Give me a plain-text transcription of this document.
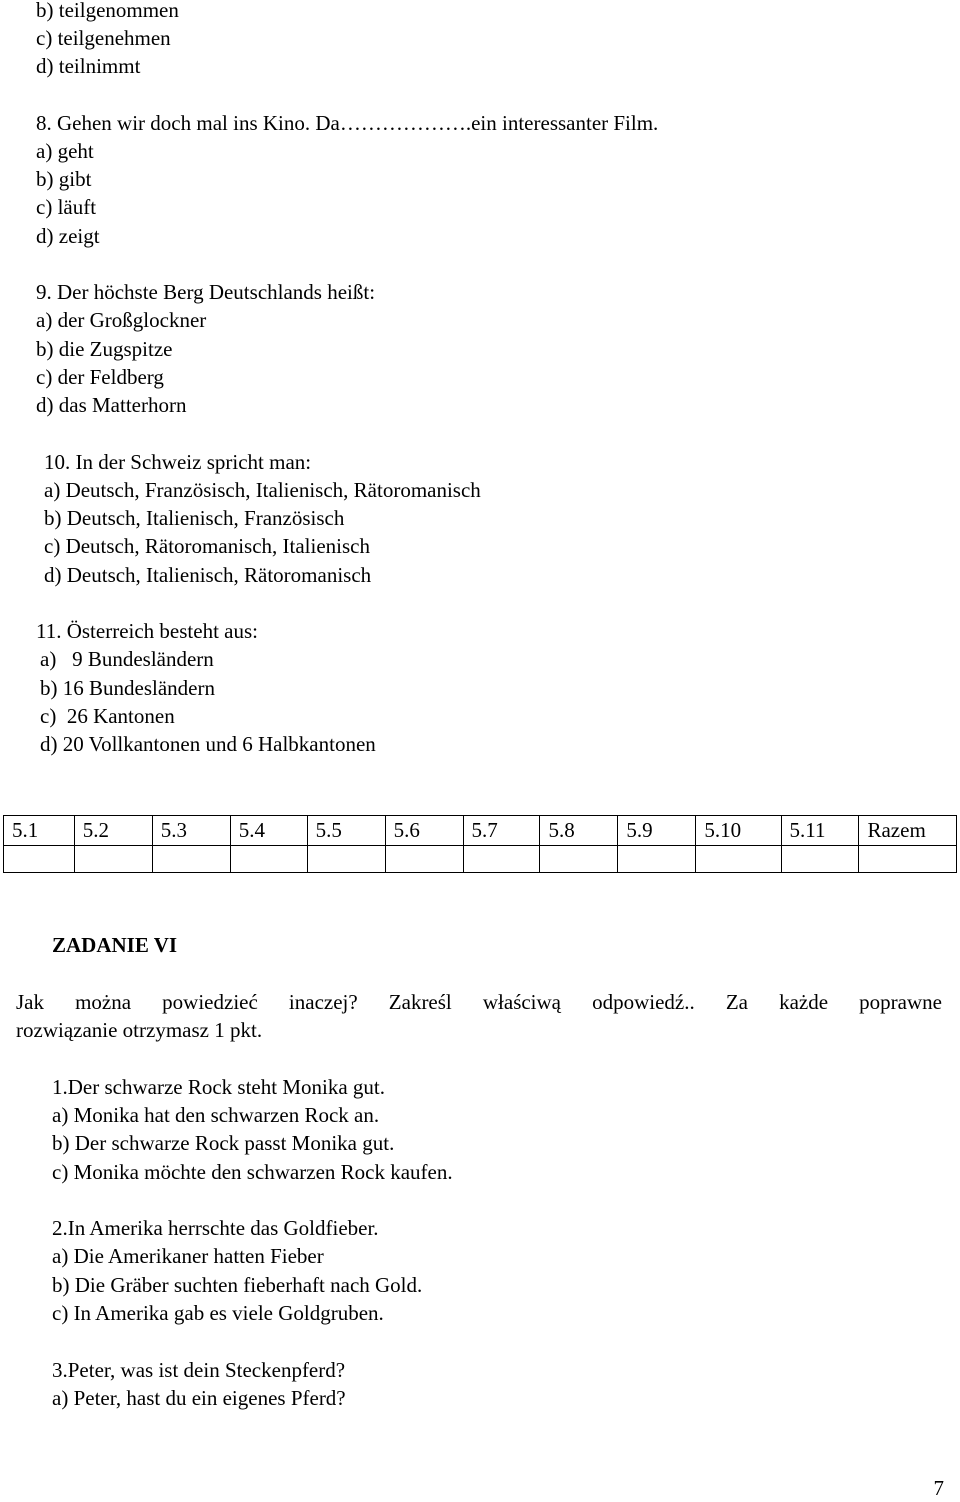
b) teilgenommen
c) teilgenehmen
d) teilnimmt
8. Gehen wir doch mal ins Kino. Da……………….ein interessanter Film.
a) geht
b) gibt
c) läuft
d) zeigt
9. Der höchste Berg Deutschlands heißt:
a) der Großglockner
b) die Zugspitze
c) der Feldberg
d) das Matterhorn
10. In der Schweiz spricht man:
a) Deutsch, Französisch, Italienisch, Rätoromanisch
b) Deutsch, Italienisch, Französisch
c) Deutsch, Rätoromanisch, Italienisch
d) Deutsch, Italienisch, Rätoromanisch
11. Österreich besteht aus:
a)   9 Bundesländern
b) 16 Bundesländern
c)  26 Kantonen
d) 20 Vollkantonen und 6 Halbkantonen
5.1	5.2	5.3	5.4	5.5	5.6	5.7	5.8	5.9	5.10	5.11	Razem

ZADANIE VI
Jak można powiedzieć inaczej? Zakreśl właściwą odpowiedź.. Za każde poprawne
rozwiązanie otrzymasz 1 pkt.
1.Der schwarze Rock steht Monika gut.
a) Monika hat den schwarzen Rock an.
b) Der schwarze Rock passt Monika gut.
c) Monika möchte den schwarzen Rock kaufen.
2.In Amerika herrschte das Goldfieber.
a) Die Amerikaner hatten Fieber
b) Die Gräber suchten fieberhaft nach Gold.
c) In Amerika gab es viele Goldgruben.
3.Peter, was ist dein Steckenpferd?
a) Peter, hast du ein eigenes Pferd?
7
